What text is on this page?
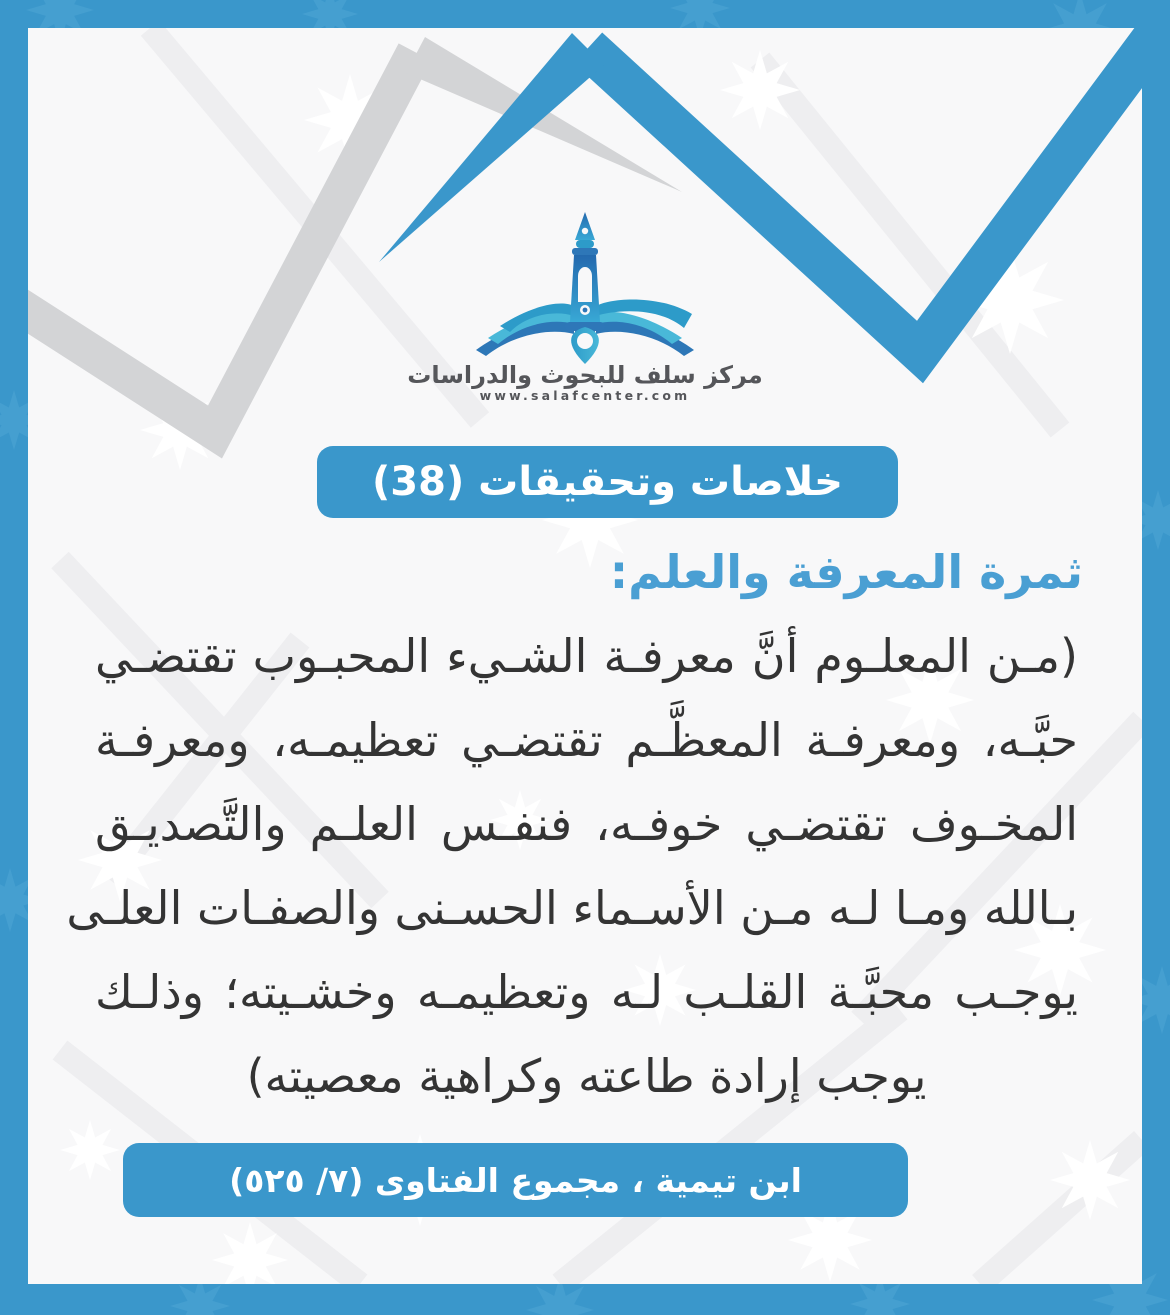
مركز سلف للبحوث والدراسات
www.salafcenter.com
خلاصات وتحقيقات (38)
ثمرة المعرفة والعلم:
(مـن المعلـوم أنَّ معرفـة الشـيء المحبـوب تقتضـي
حبَّـه، ومعرفـة المعظَّـم تقتضـي تعظيمـه، ومعرفـة
المخـوف تقتضـي خوفـه، فنفـس العلـم والتَّصديـق
بـالله ومـا لـه مـن الأسـماء الحسـنى والصفـات العلـى
يوجـب محبَّـة القلـب لـه وتعظيمـه وخشـيته؛ وذلـك
يوجب إرادة طاعته وكراهية معصيته)
ابن تيمية ، مجموع الفتاوى (٧/ ٥٢٥)
